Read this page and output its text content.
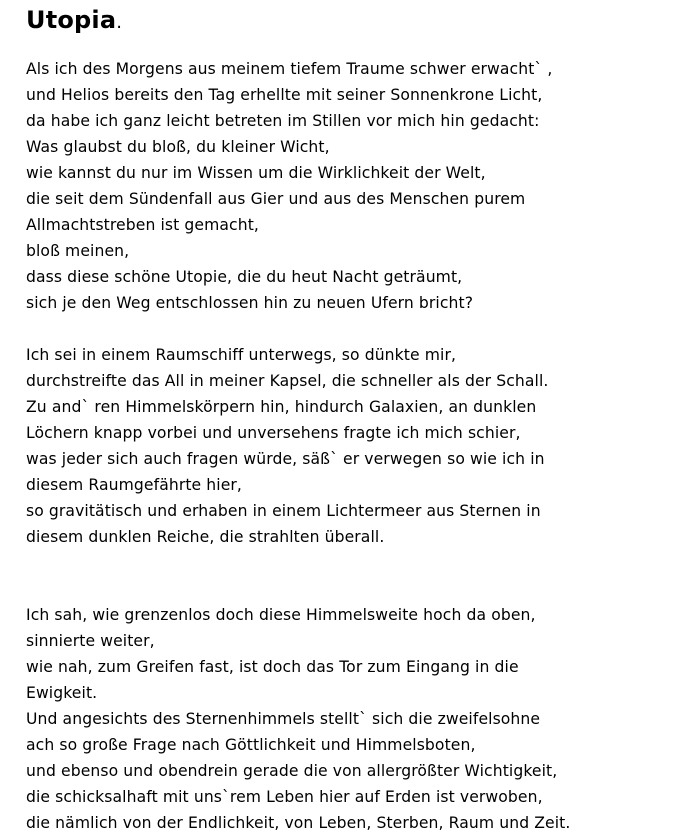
Utopia.
Als ich des Morgens aus meinem tiefem Traume schwer erwacht` ,
und Helios bereits den Tag erhellte mit seiner Sonnenkrone Licht,
da habe ich ganz leicht betreten im Stillen vor mich hin gedacht:
Was glaubst du bloß, du kleiner Wicht,
wie kannst du nur im Wissen um die Wirklichkeit der Welt,
die seit dem Sündenfall aus Gier und aus des Menschen purem
Allmachtstreben ist gemacht,
bloß meinen,
dass diese schöne Utopie, die du heut Nacht geträumt,
sich je den Weg entschlossen hin zu neuen Ufern bricht?
Ich sei in einem Raumschiff unterwegs, so dünkte mir,
durchstreifte das All in meiner Kapsel, die schneller als der Schall.
Zu and` ren Himmelskörpern hin, hindurch Galaxien, an dunklen
Löchern knapp vorbei und unversehens fragte ich mich schier,
was jeder sich auch fragen würde, säß` er verwegen so wie ich in
diesem Raumgefährte hier,
so gravitätisch und erhaben in einem Lichtermeer aus Sternen in
diesem dunklen Reiche, die strahlten überall.
Ich sah, wie grenzenlos doch diese Himmelsweite hoch da oben,
sinnierte weiter,
wie nah, zum Greifen fast, ist doch das Tor zum Eingang in die
Ewigkeit.
Und angesichts des Sternenhimmels stellt` sich die zweifelsohne
ach so große Frage nach Göttlichkeit und Himmelsboten,
und ebenso und obendrein gerade die von allergrößter Wichtigkeit,
die schicksalhaft mit uns`rem Leben hier auf Erden ist verwoben,
die nämlich von der Endlichkeit, von Leben, Sterben, Raum und Zeit.
